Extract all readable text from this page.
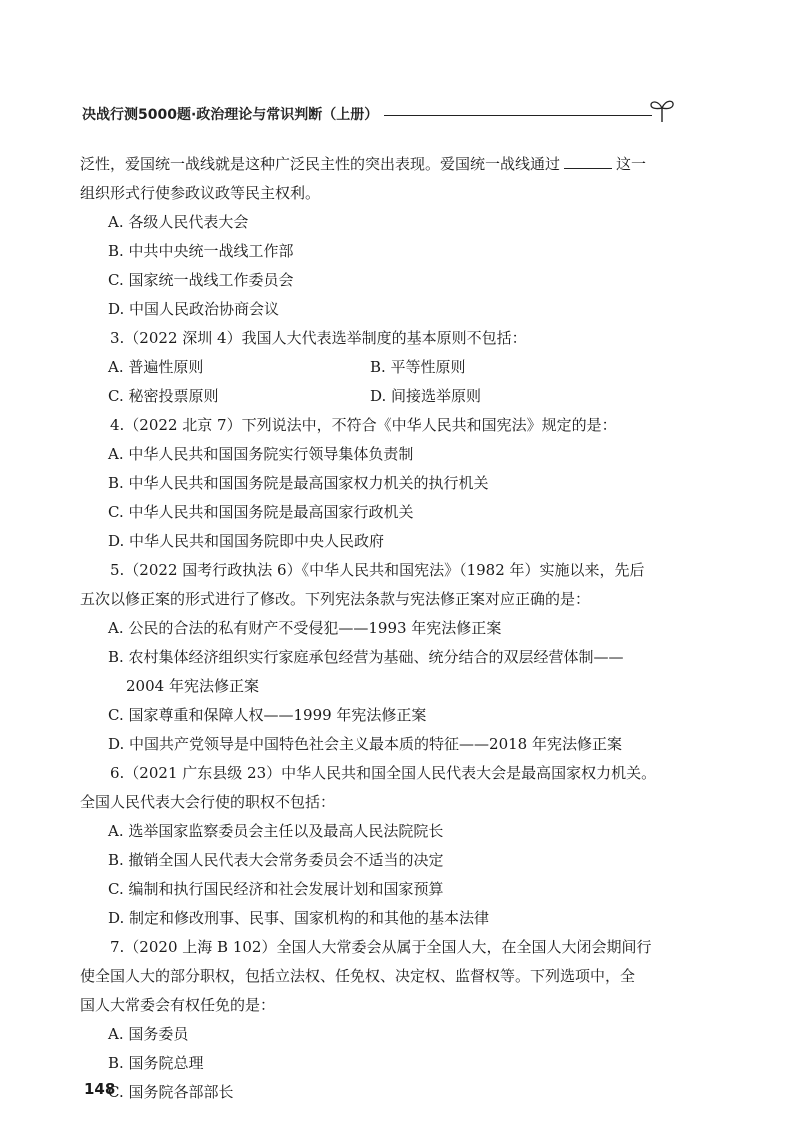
决战行测5000题·政治理论与常识判断（上册）

泛性，爱国统一战线就是这种广泛民主性的突出表现。爱国统一战线通过	这一

组织形式行使参政议政等民主权利。

A. 各级人民代表大会

B. 中共中央统一战线工作部

C. 国家统一战线工作委员会

D. 中国人民政治协商会议

3.（2022 深圳 4）我国人大代表选举制度的基本原则不包括：

A. 普遍性原则	B. 平等性原则
C. 秘密投票原则	D. 间接选举原则

4.（2022 北京 7）下列说法中，不符合《中华人民共和国宪法》规定的是：

A. 中华人民共和国国务院实行领导集体负责制

B. 中华人民共和国国务院是最高国家权力机关的执行机关

C. 中华人民共和国国务院是最高国家行政机关

D. 中华人民共和国国务院即中央人民政府

5.（2022 国考行政执法 6）《中华人民共和国宪法》（1982 年）实施以来，先后

五次以修正案的形式进行了修改。下列宪法条款与宪法修正案对应正确的是：

A. 公民的合法的私有财产不受侵犯——1993 年宪法修正案

B. 农村集体经济组织实行家庭承包经营为基础、统分结合的双层经营体制——

2004 年宪法修正案

C. 国家尊重和保障人权——1999 年宪法修正案

D. 中国共产党领导是中国特色社会主义最本质的特征——2018 年宪法修正案

6.（2021 广东县级 23）中华人民共和国全国人民代表大会是最高国家权力机关。

全国人民代表大会行使的职权不包括：

A. 选举国家监察委员会主任以及最高人民法院院长

B. 撤销全国人民代表大会常务委员会不适当的决定

C. 编制和执行国民经济和社会发展计划和国家预算

D. 制定和修改刑事、民事、国家机构的和其他的基本法律

7.（2020 上海 B 102）全国人大常委会从属于全国人大，在全国人大闭会期间行

使全国人大的部分职权，包括立法权、任免权、决定权、监督权等。下列选项中，全

国人大常委会有权任免的是：

A. 国务委员

B. 国务院总理

C. 国务院各部部长

148
